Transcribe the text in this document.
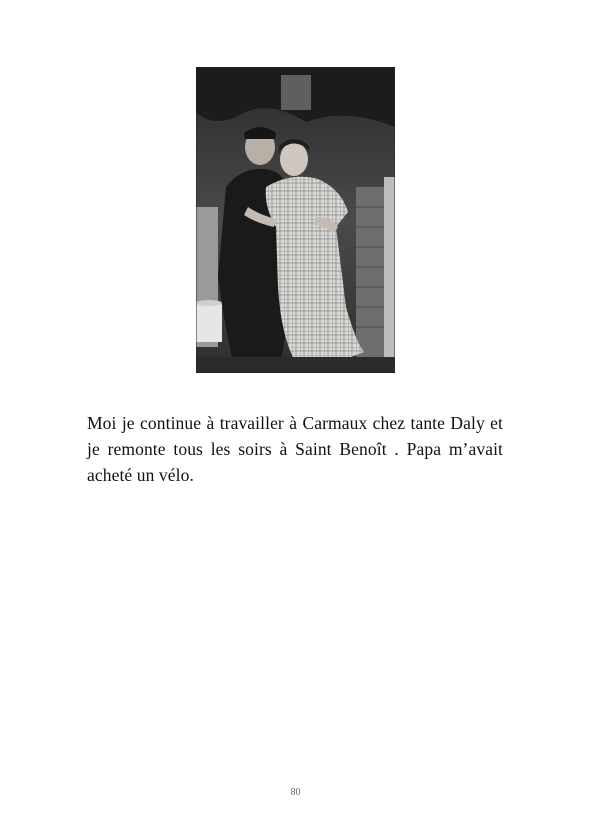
Moi je continue à travailler à Carmaux chez tante Daly et je remonte tous les soirs à Saint Benoît . Papa m’avait acheté un vélo.

80
